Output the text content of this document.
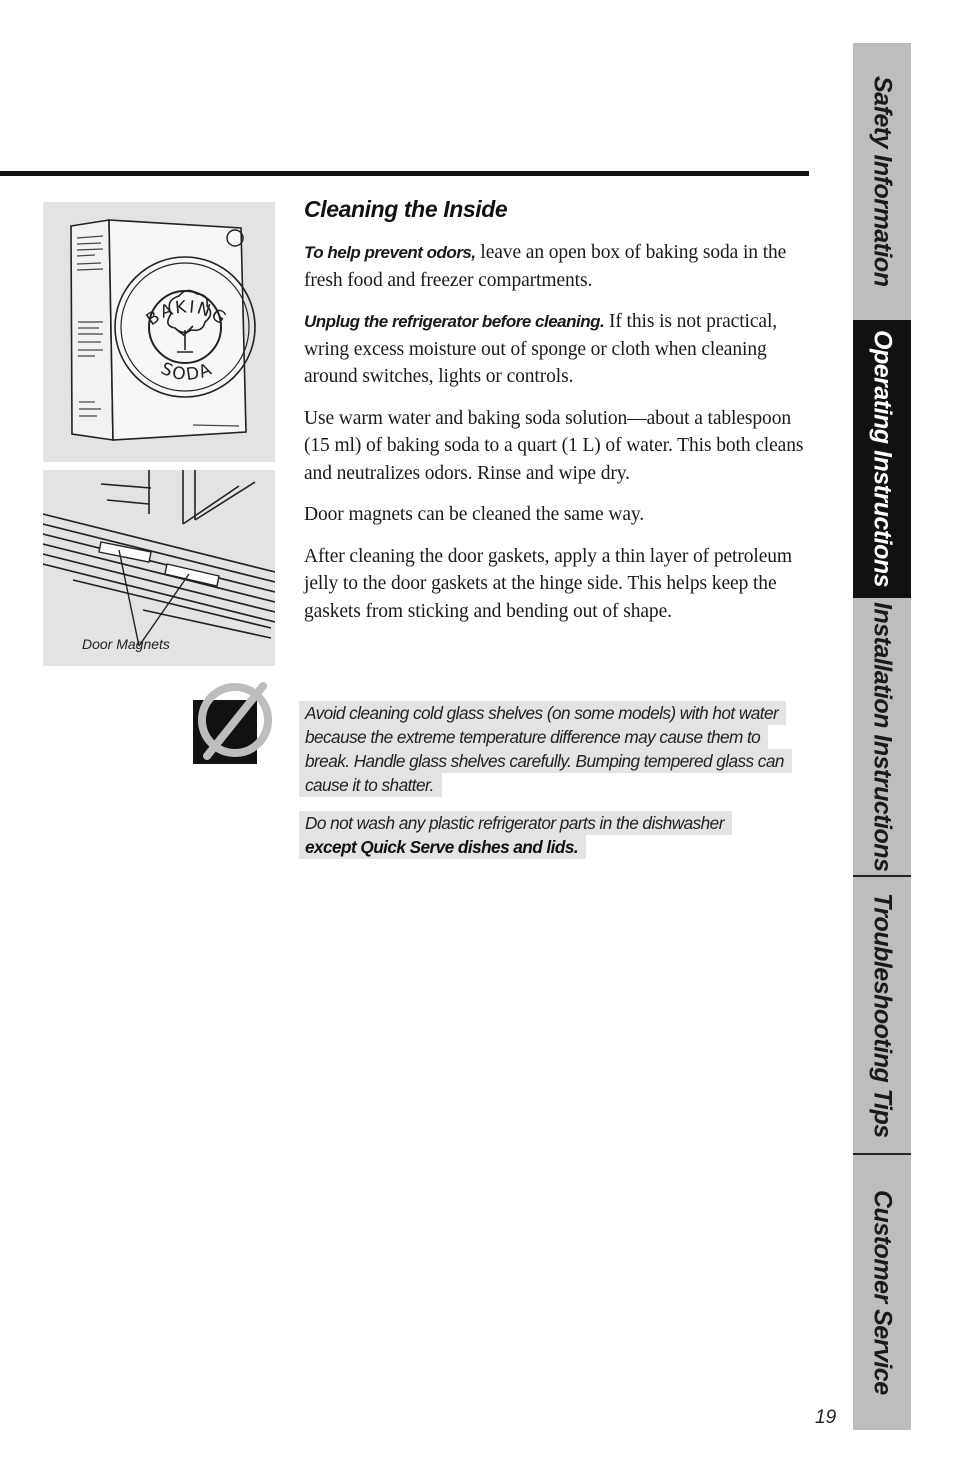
BAKING
SODA
Door Magnets
Cleaning the Inside

To help prevent odors, leave an open box of baking soda in the fresh food and freezer compartments.

Unplug the refrigerator before cleaning. If this is not practical, wring excess moisture out of sponge or cloth when cleaning around switches, lights or controls.

Use warm water and baking soda solution—about a tablespoon (15 ml) of baking soda to a quart (1 L) of water. This both cleans and neutralizes odors. Rinse and wipe dry.

Door magnets can be cleaned the same way.

After cleaning the door gaskets, apply a thin layer of petroleum jelly to the door gaskets at the hinge side. This helps keep the gaskets from sticking and bending out of shape.

Avoid cleaning cold glass shelves (on some models) with hot water
because the extreme temperature difference may cause them to
break. Handle glass shelves carefully. Bumping tempered glass can
cause it to shatter.
Do not wash any plastic refrigerator parts in the dishwasher
except Quick Serve dishes and lids.
Safety Information
Operating Instructions
Installation Instructions
Troubleshooting Tips
Customer Service
19
